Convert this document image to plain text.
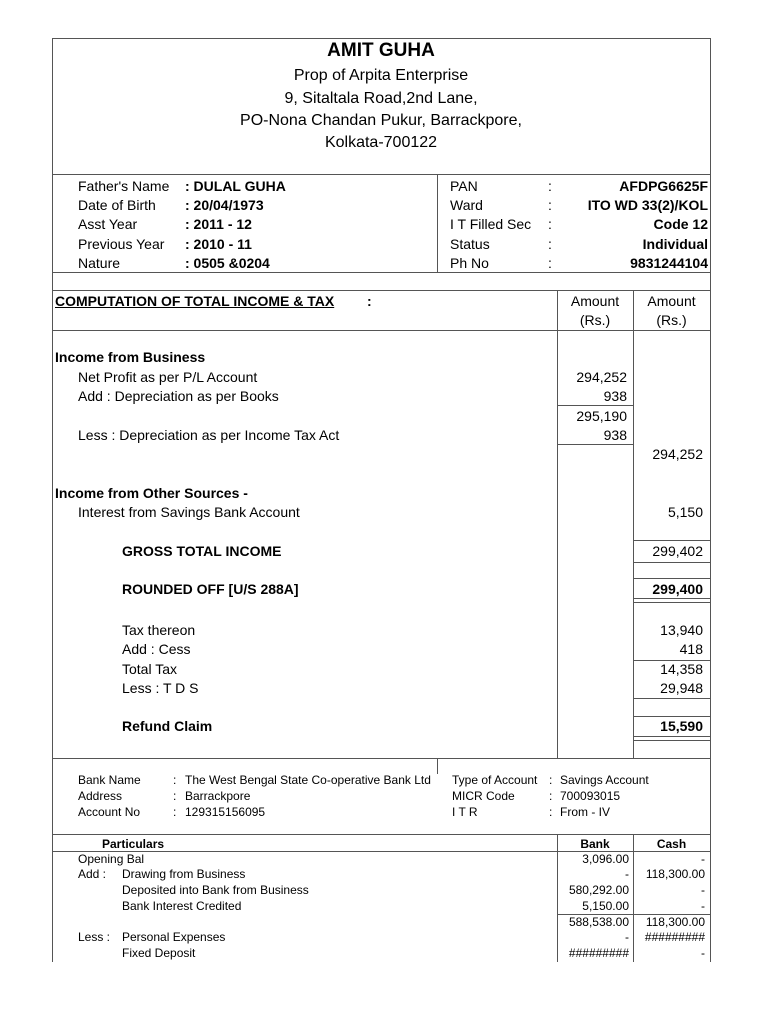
AMIT GUHA
Prop of Arpita Enterprise
9, Sitaltala Road,2nd Lane,
PO-Nona Chandan Pukur, Barrackpore,
Kolkata-700122
Father's Name : DULAL GUHA
Date of Birth : 20/04/1973
Asst Year	: 2011 - 12
Previous Year : 2010 - 11
Nature	: 0505 &0204
PAN	:	AFDPG6625F
Ward	:	ITO WD 33(2)/KOL
I T Filled Sec :	Code 12
Status	:	Individual
Ph No	:	9831244104
COMPUTATION OF TOTAL INCOME & TAX :	Amount
(Rs.)
Amount
(Rs.)
Income from Business
Net Profit as per P/L Account	294,252
Add : Depreciation as per Books	938
295,190
Less : Depreciation as per Income Tax Act	938
294,252
Income from Other Sources -
Interest from Savings Bank Account	5,150
GROSS TOTAL INCOME	299,402
ROUNDED OFF [U/S 288A]	299,400
Tax thereon	13,940
Add : Cess	418
Total Tax	14,358
Less : T D S	29,948
Refund Claim	15,590
Bank Name	: The West Bengal State Co-operative Bank Ltd
Address	: Barrackpore
Account No	: 129315156095
Type of Account : Savings Account
MICR Code	: 700093015
I T R	: From - IV
Particulars	Bank	Cash
Opening Bal	3,096.00	-
Add : Drawing from Business	-	118,300.00
Deposited into Bank from Business	580,292.00	-
Bank Interest Credited	5,150.00	-
588,538.00	118,300.00
Less : Personal Expenses	-	#########
Fixed Deposit	#########	-
